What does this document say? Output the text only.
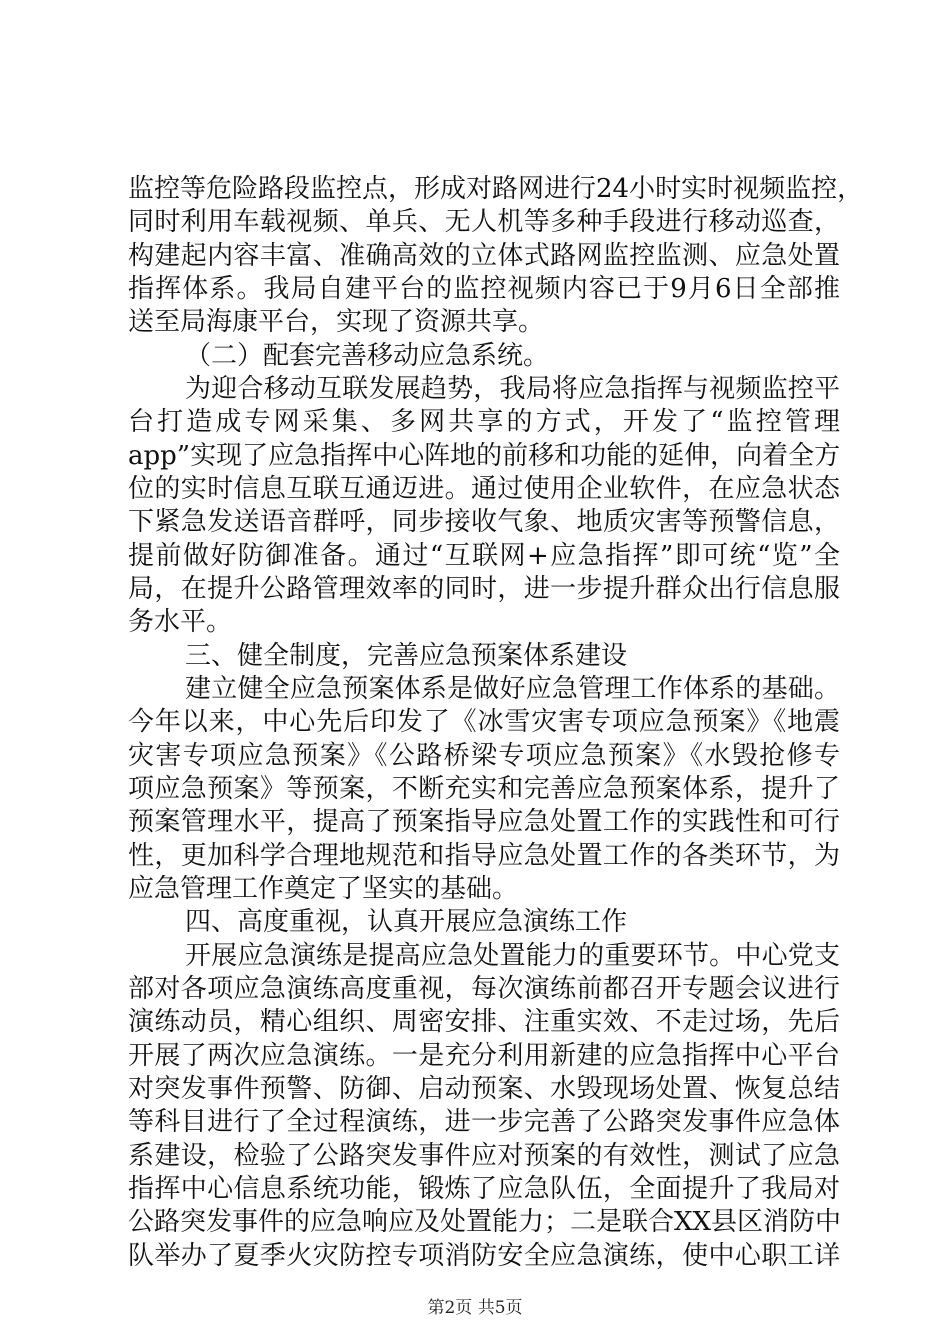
监控等危险路段监控点，形成对路网进行24小时实时视频监控，
同时利用车载视频、单兵、无人机等多种手段进行移动巡查，
构建起内容丰富、准确高效的立体式路网监控监测、应急处置
指挥体系。我局自建平台的监控视频内容已于9月6日全部推
送至局海康平台，实现了资源共享。
（二）配套完善移动应急系统。
为迎合移动互联发展趋势，我局将应急指挥与视频监控平
台打造成专网采集、多网共享的方式，开发了“监控管理
app”实现了应急指挥中心阵地的前移和功能的延伸，向着全方
位的实时信息互联互通迈进。通过使用企业软件，在应急状态
下紧急发送语音群呼，同步接收气象、地质灾害等预警信息，
提前做好防御准备。通过“互联网+应急指挥”即可统“览”全
局，在提升公路管理效率的同时，进一步提升群众出行信息服
务水平。
三、健全制度，完善应急预案体系建设
建立健全应急预案体系是做好应急管理工作体系的基础。
今年以来，中心先后印发了《冰雪灾害专项应急预案》《地震
灾害专项应急预案》《公路桥梁专项应急预案》《水毁抢修专
项应急预案》等预案，不断充实和完善应急预案体系，提升了
预案管理水平，提高了预案指导应急处置工作的实践性和可行
性，更加科学合理地规范和指导应急处置工作的各类环节，为
应急管理工作奠定了坚实的基础。
四、高度重视，认真开展应急演练工作
开展应急演练是提高应急处置能力的重要环节。中心党支
部对各项应急演练高度重视，每次演练前都召开专题会议进行
演练动员，精心组织、周密安排、注重实效、不走过场，先后
开展了两次应急演练。一是充分利用新建的应急指挥中心平台
对突发事件预警、防御、启动预案、水毁现场处置、恢复总结
等科目进行了全过程演练，进一步完善了公路突发事件应急体
系建设，检验了公路突发事件应对预案的有效性，测试了应急
指挥中心信息系统功能，锻炼了应急队伍，全面提升了我局对
公路突发事件的应急响应及处置能力；二是联合XX县区消防中
队举办了夏季火灾防控专项消防安全应急演练，使中心职工详
第2页 共5页
